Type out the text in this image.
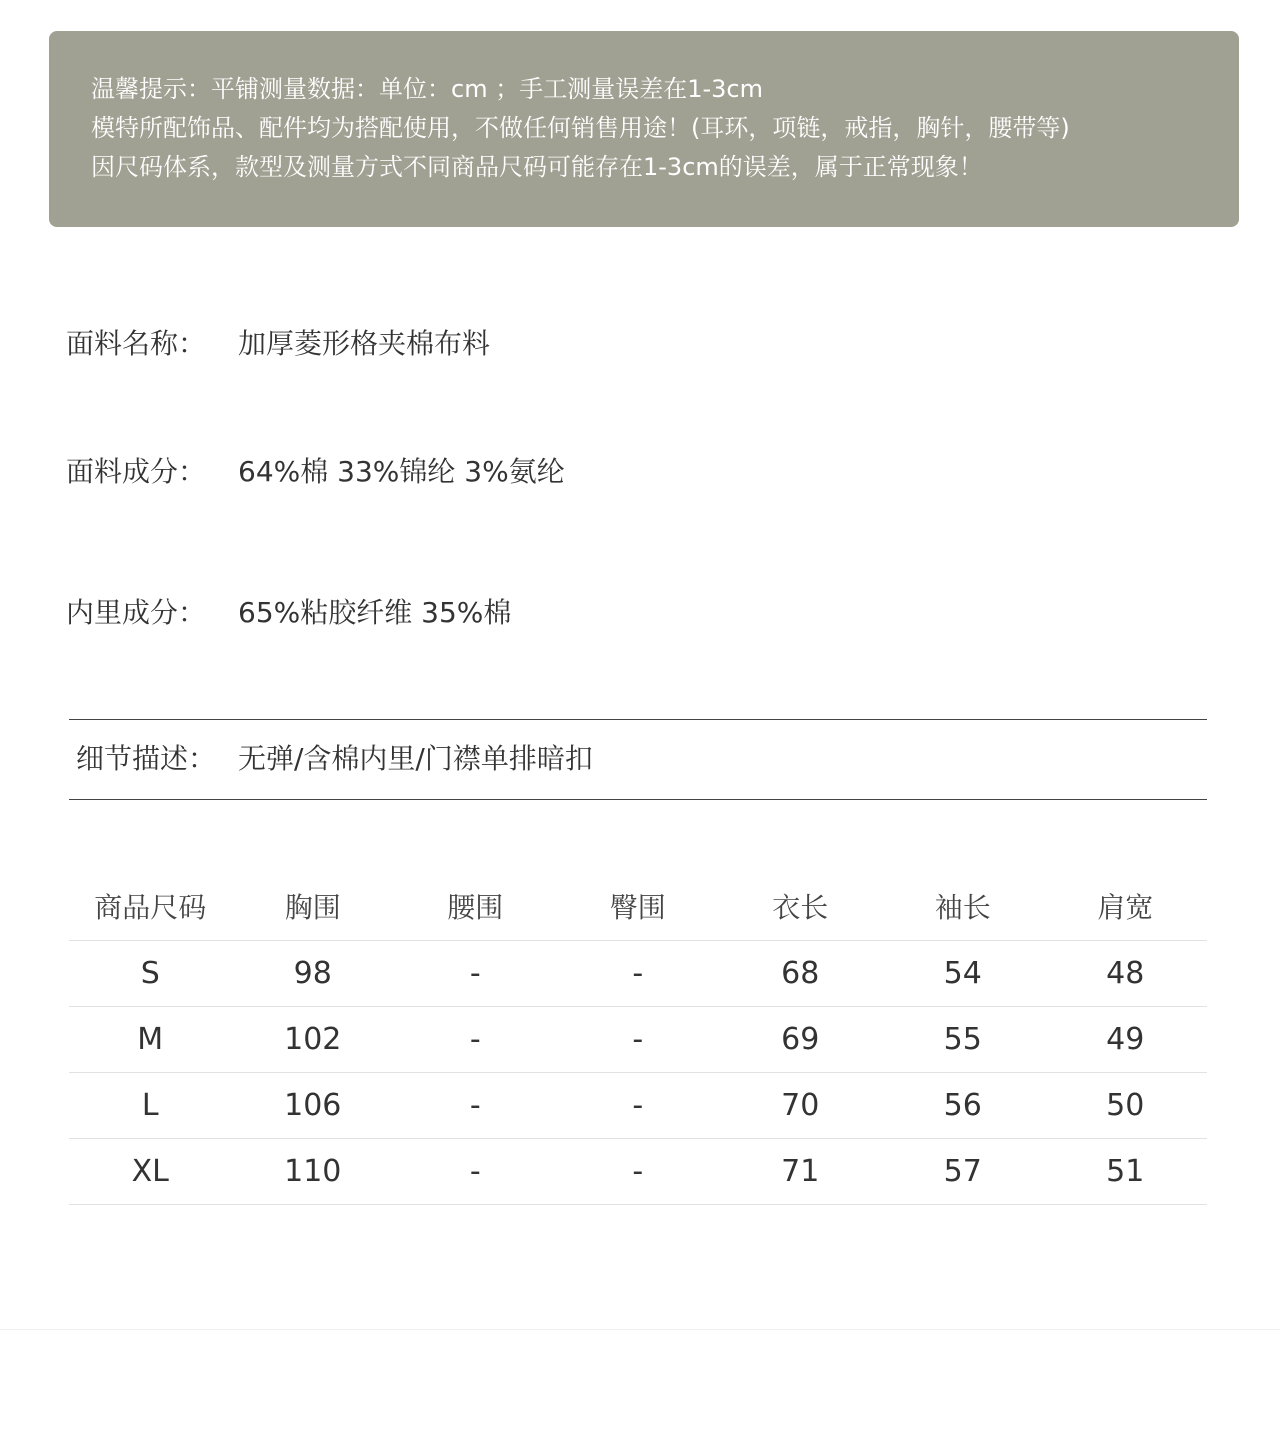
温馨提示：平铺测量数据：单位：cm ；手工测量误差在1-3cm
模特所配饰品、配件均为搭配使用，不做任何销售用途！(耳环，项链，戒指，胸针，腰带等)
因尺码体系，款型及测量方式不同商品尺码可能存在1-3cm的误差，属于正常现象！
面料名称： 加厚菱形格夹棉布料
面料成分： 64%棉 33%锦纶 3%氨纶
内里成分： 65%粘胶纤维 35%棉
细节描述： 无弹/含棉内里/门襟单排暗扣
商品尺码	胸围	腰围	臀围	衣长	袖长	肩宽
S	98	-	-	68	54	48
M	102	-	-	69	55	49
L	106	-	-	70	56	50
XL	110	-	-	71	57	51
